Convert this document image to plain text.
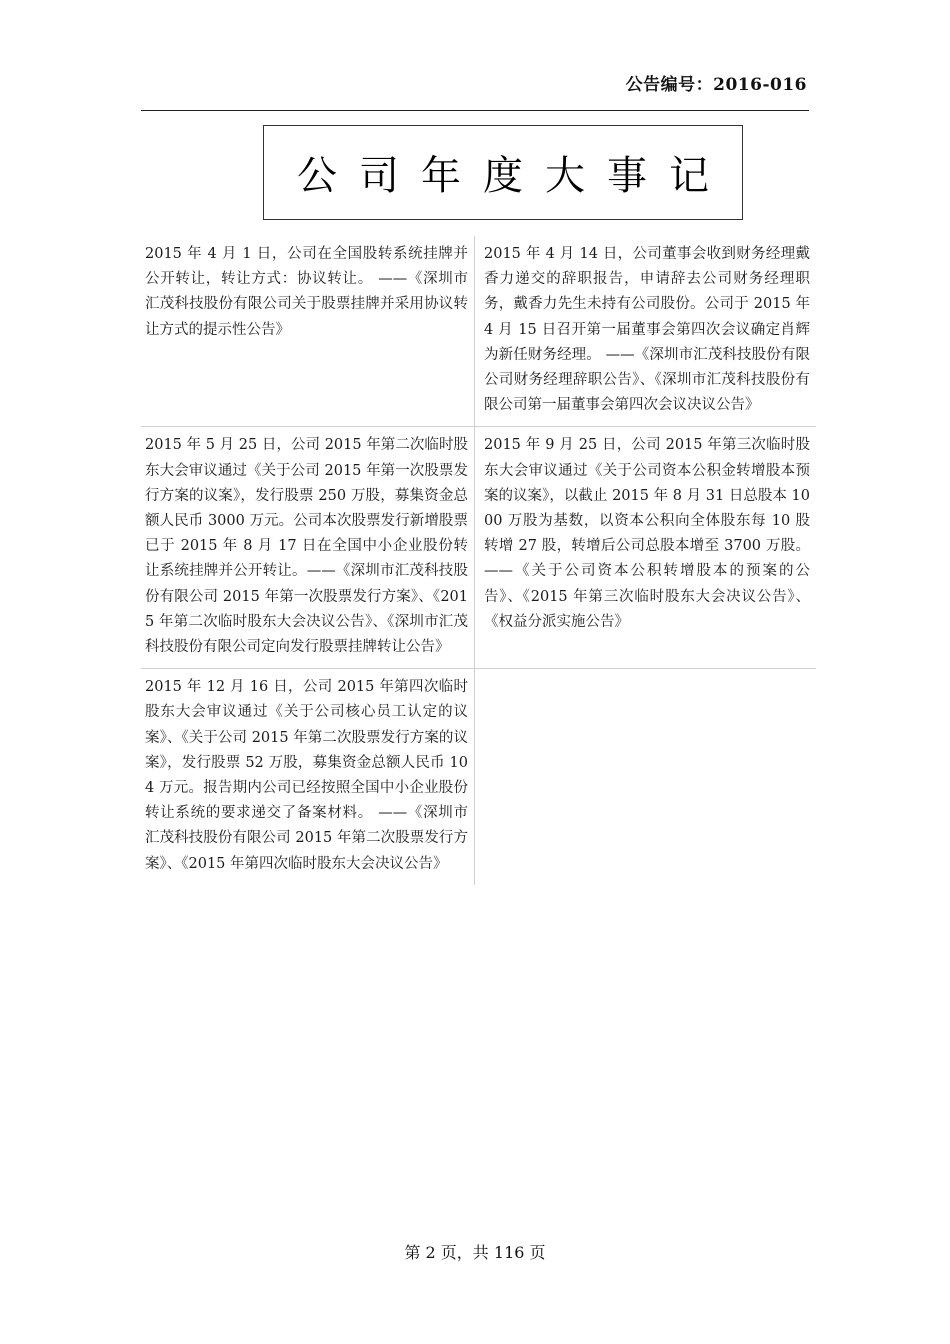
公告编号：2016-016
公司年度大事记
2015 年 4 月 1 日，公司在全国股转系统挂牌并公开转让，转让方式：协议转让。 ——《深圳市汇茂科技股份有限公司关于股票挂牌并采用协议转让方式的提示性公告》
2015 年 4 月 14 日，公司董事会收到财务经理戴香力递交的辞职报告，申请辞去公司财务经理职务，戴香力先生未持有公司股份。公司于 2015 年 4 月 15 日召开第一届董事会第四次会议确定肖辉为新任财务经理。 ——《深圳市汇茂科技股份有限公司财务经理辞职公告》、《深圳市汇茂科技股份有限公司第一届董事会第四次会议决议公告》
2015 年 5 月 25 日，公司 2015 年第二次临时股东大会审议通过《关于公司 2015 年第一次股票发行方案的议案》，发行股票 250 万股，募集资金总额人民币 3000 万元。公司本次股票发行新增股票已于 2015 年 8 月 17 日在全国中小企业股份转让系统挂牌并公开转让。——《深圳市汇茂科技股份有限公司 2015 年第一次股票发行方案》、《2015 年第二次临时股东大会决议公告》、《深圳市汇茂科技股份有限公司定向发行股票挂牌转让公告》
2015 年 9 月 25 日，公司 2015 年第三次临时股东大会审议通过《关于公司资本公积金转增股本预案的议案》，以截止 2015 年 8 月 31 日总股本 1000 万股为基数，以资本公积向全体股东每 10 股转增 27 股，转增后公司总股本增至 3700 万股。 ——《关于公司资本公积转增股本的预案的公告》、《2015 年第三次临时股东大会决议公告》、《权益分派实施公告》
2015 年 12 月 16 日，公司 2015 年第四次临时股东大会审议通过《关于公司核心员工认定的议案》、《关于公司 2015 年第二次股票发行方案的议案》，发行股票 52 万股，募集资金总额人民币 104 万元。报告期内公司已经按照全国中小企业股份转让系统的要求递交了备案材料。 ——《深圳市汇茂科技股份有限公司 2015 年第二次股票发行方案》、《2015 年第四次临时股东大会决议公告》
第 2 页，共 116 页
